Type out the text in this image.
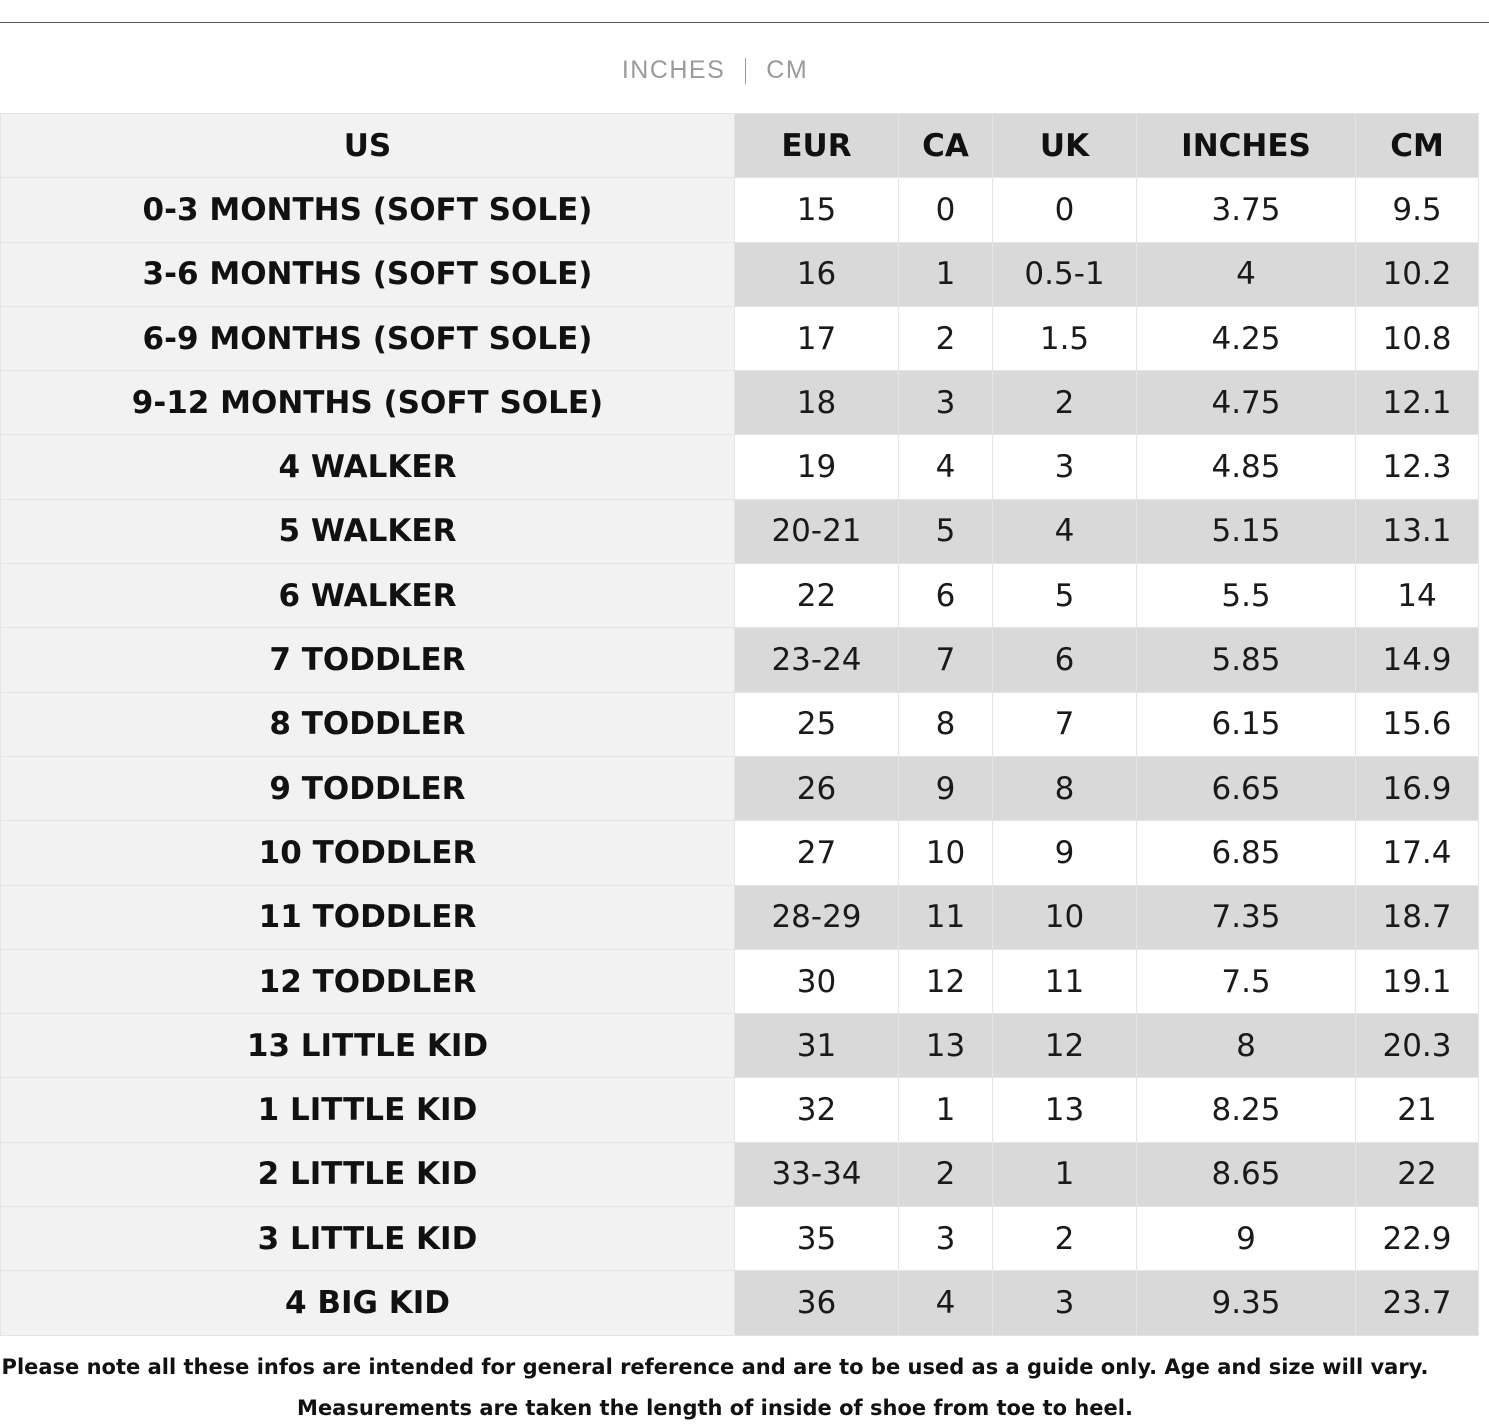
INCHES CM
US	EUR	CA	UK	INCHES	CM
0-3 MONTHS (SOFT SOLE)	15	0	0	3.75	9.5
3-6 MONTHS (SOFT SOLE)	16	1	0.5-1	4	10.2
6-9 MONTHS (SOFT SOLE)	17	2	1.5	4.25	10.8
9-12 MONTHS (SOFT SOLE)	18	3	2	4.75	12.1
4 WALKER	19	4	3	4.85	12.3
5 WALKER	20-21	5	4	5.15	13.1
6 WALKER	22	6	5	5.5	14
7 TODDLER	23-24	7	6	5.85	14.9
8 TODDLER	25	8	7	6.15	15.6
9 TODDLER	26	9	8	6.65	16.9
10 TODDLER	27	10	9	6.85	17.4
11 TODDLER	28-29	11	10	7.35	18.7
12 TODDLER	30	12	11	7.5	19.1
13 LITTLE KID	31	13	12	8	20.3
1 LITTLE KID	32	1	13	8.25	21
2 LITTLE KID	33-34	2	1	8.65	22
3 LITTLE KID	35	3	2	9	22.9
4 BIG KID	36	4	3	9.35	23.7
Please note all these infos are intended for general reference and are to be used as a guide only. Age and size will vary.
Measurements are taken the length of inside of shoe from toe to heel.
